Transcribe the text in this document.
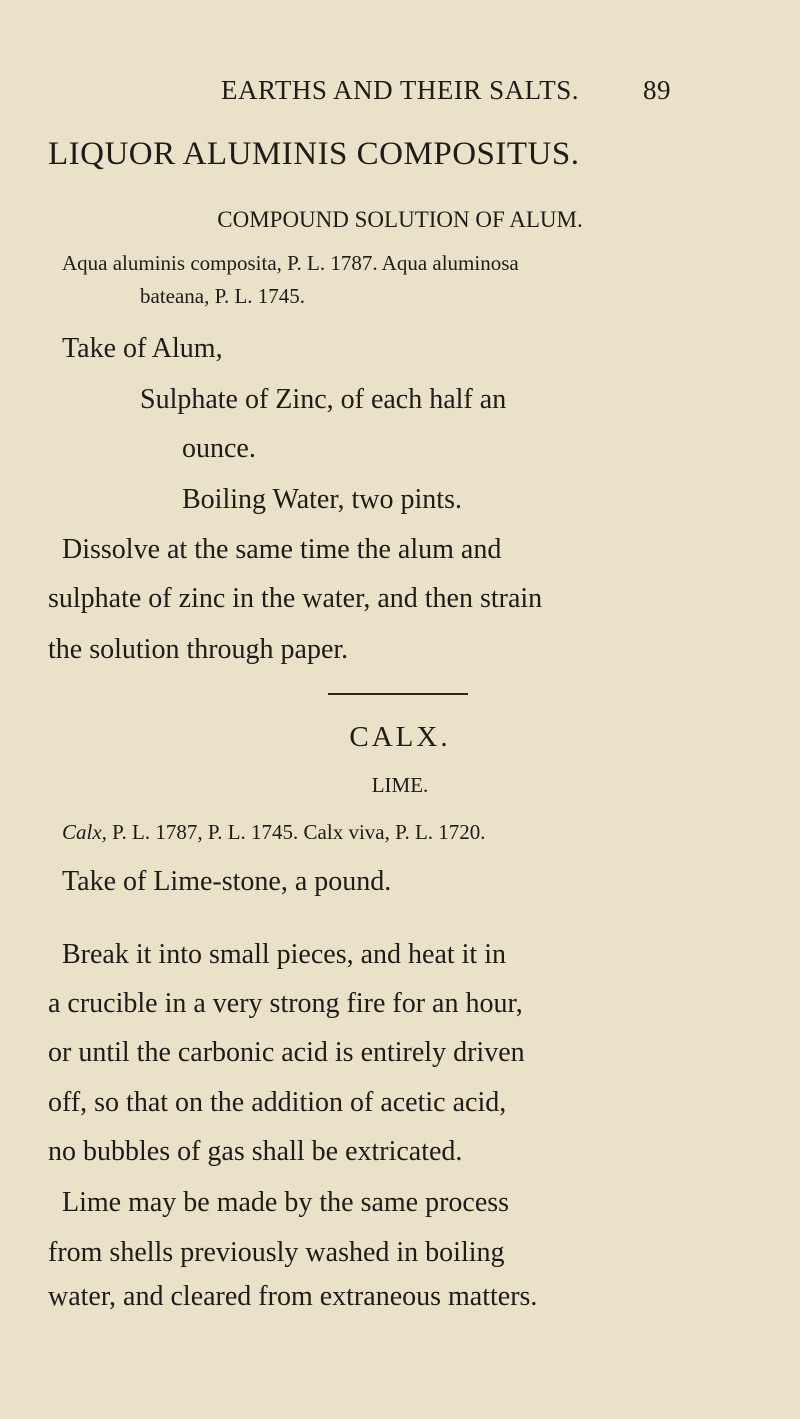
EARTHS AND THEIR SALTS. 89
LIQUOR ALUMINIS COMPOSITUS.
COMPOUND SOLUTION OF ALUM.
Aqua aluminis composita, P. L. 1787. Aqua aluminosa
bateana, P. L. 1745.
Take of Alum,
Sulphate of Zinc, of each half an
ounce.
Boiling Water, two pints.
Dissolve at the same time the alum and
sulphate of zinc in the water, and then strain
the solution through paper.
CALX.
LIME.
Calx, P. L. 1787, P. L. 1745. Calx viva, P. L. 1720.
Take of Lime-stone, a pound.
Break it into small pieces, and heat it in
a crucible in a very strong fire for an hour,
or until the carbonic acid is entirely driven
off, so that on the addition of acetic acid,
no bubbles of gas shall be extricated.
Lime may be made by the same process
from shells previously washed in boiling
water, and cleared from extraneous matters.
